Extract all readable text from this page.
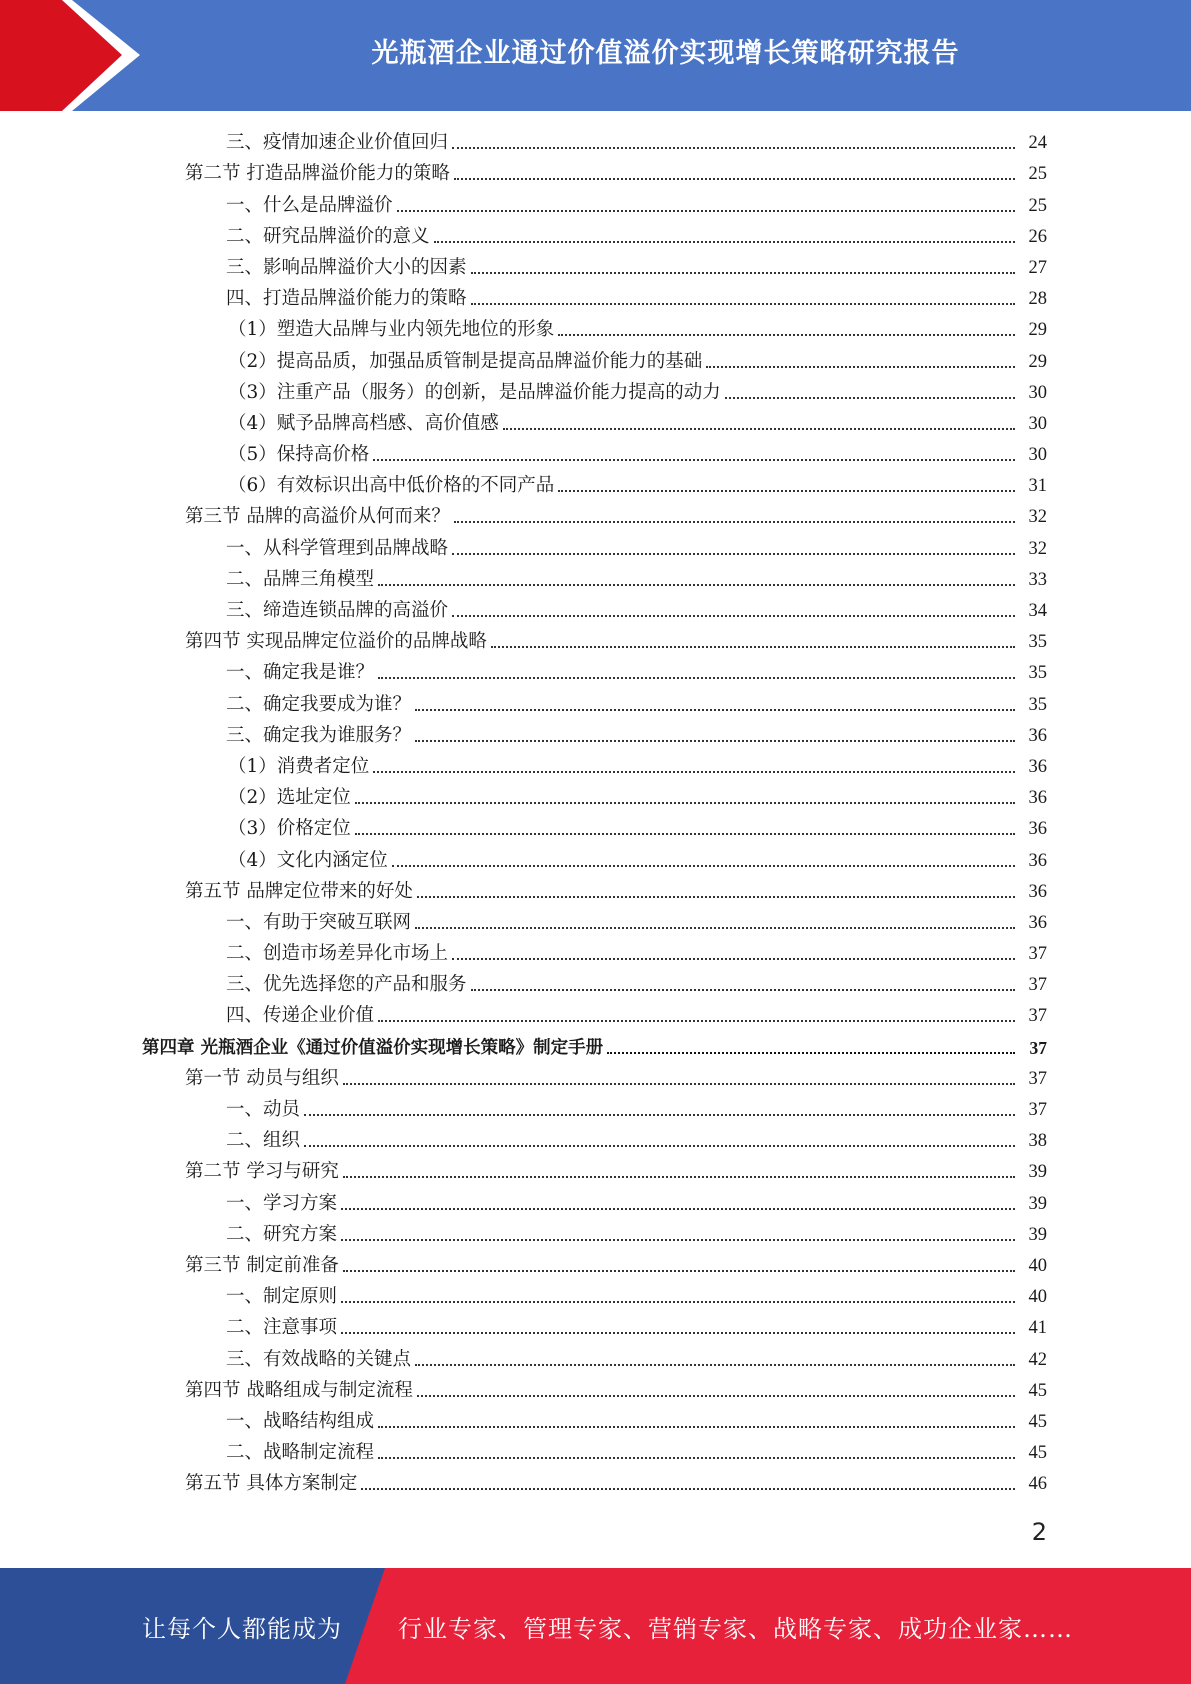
光瓶酒企业通过价值溢价实现增长策略研究报告
三、疫情加速企业价值回归	24
第二节 打造品牌溢价能力的策略	25
一、什么是品牌溢价	25
二、研究品牌溢价的意义	26
三、影响品牌溢价大小的因素	27
四、打造品牌溢价能力的策略	28
（1）塑造大品牌与业内领先地位的形象	29
（2）提高品质，加强品质管制是提高品牌溢价能力的基础	29
（3）注重产品（服务）的创新，是品牌溢价能力提高的动力	30
（4）赋予品牌高档感、高价值感	30
（5）保持高价格	30
（6）有效标识出高中低价格的不同产品	31
第三节 品牌的高溢价从何而来？	32
一、从科学管理到品牌战略	32
二、品牌三角模型	33
三、缔造连锁品牌的高溢价	34
第四节 实现品牌定位溢价的品牌战略	35
一、确定我是谁？	35
二、确定我要成为谁？	35
三、确定我为谁服务？	36
（1）消费者定位	36
（2）选址定位	36
（3）价格定位	36
（4）文化内涵定位	36
第五节 品牌定位带来的好处	36
一、有助于突破互联网	36
二、创造市场差异化市场上	37
三、优先选择您的产品和服务	37
四、传递企业价值	37
第四章 光瓶酒企业《通过价值溢价实现增长策略》制定手册	37
第一节 动员与组织	37
一、动员	37
二、组织	38
第二节 学习与研究	39
一、学习方案	39
二、研究方案	39
第三节 制定前准备	40
一、制定原则	40
二、注意事项	41
三、有效战略的关键点	42
第四节 战略组成与制定流程	45
一、战略结构组成	45
二、战略制定流程	45
第五节 具体方案制定	46
2
让每个人都能成为 行业专家、管理专家、营销专家、战略专家、成功企业家……
